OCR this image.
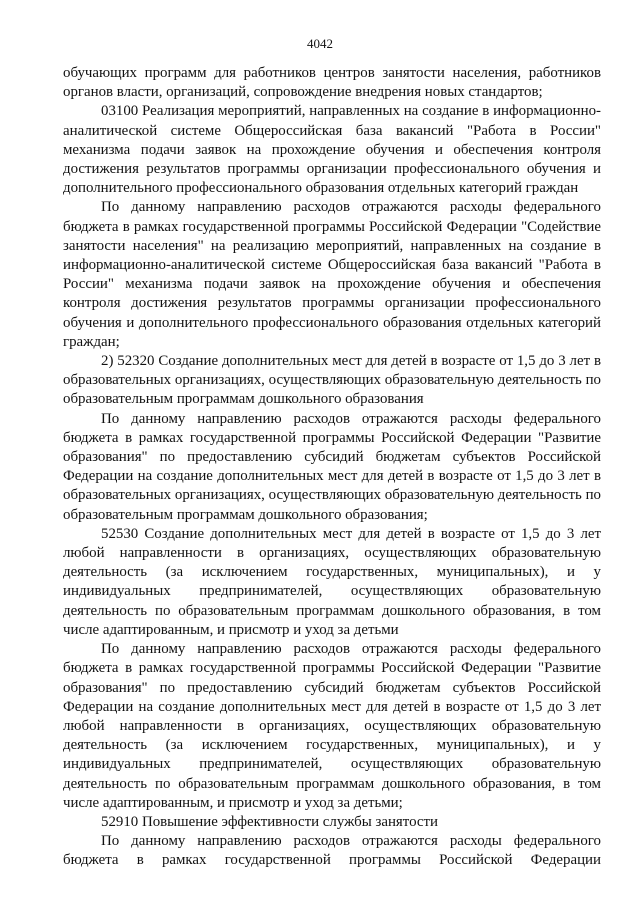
4042

обучающих программ для работников центров занятости населения, работников органов власти, организаций, сопровождение внедрения новых стандартов;

03100 Реализация мероприятий, направленных на создание в информационно-аналитической системе Общероссийская база вакансий "Работа в России" механизма подачи заявок на прохождение обучения и обеспечения контроля достижения результатов программы организации профессионального обучения и дополнительного профессионального образования отдельных категорий граждан

По данному направлению расходов отражаются расходы федерального бюджета в рамках государственной программы Российской Федерации "Содействие занятости населения" на реализацию мероприятий, направленных на создание в информационно-аналитической системе Общероссийская база вакансий "Работа в России" механизма подачи заявок на прохождение обучения и обеспечения контроля достижения результатов программы организации профессионального обучения и дополнительного профессионального образования отдельных категорий граждан;

2) 52320 Создание дополнительных мест для детей в возрасте от 1,5 до 3 лет в образовательных организациях, осуществляющих образовательную деятельность по образовательным программам дошкольного образования

По данному направлению расходов отражаются расходы федерального бюджета в рамках государственной программы Российской Федерации "Развитие образования" по предоставлению субсидий бюджетам субъектов Российской Федерации на создание дополнительных мест для детей в возрасте от 1,5 до 3 лет в образовательных организациях, осуществляющих образовательную деятельность по образовательным программам дошкольного образования;

52530 Создание дополнительных мест для детей в возрасте от 1,5 до 3 лет любой направленности в организациях, осуществляющих образовательную деятельность (за исключением государственных, муниципальных), и у индивидуальных предпринимателей, осуществляющих образовательную деятельность по образовательным программам дошкольного образования, в том числе адаптированным, и присмотр и уход за детьми

По данному направлению расходов отражаются расходы федерального бюджета в рамках государственной программы Российской Федерации "Развитие образования" по предоставлению субсидий бюджетам субъектов Российской Федерации на создание дополнительных мест для детей в возрасте от 1,5 до 3 лет любой направленности в организациях, осуществляющих образовательную деятельность (за исключением государственных, муниципальных), и у индивидуальных предпринимателей, осуществляющих образовательную деятельность по образовательным программам дошкольного образования, в том числе адаптированным, и присмотр и уход за детьми;

52910 Повышение эффективности службы занятости

По данному направлению расходов отражаются расходы федерального бюджета в рамках государственной программы Российской Федерации
